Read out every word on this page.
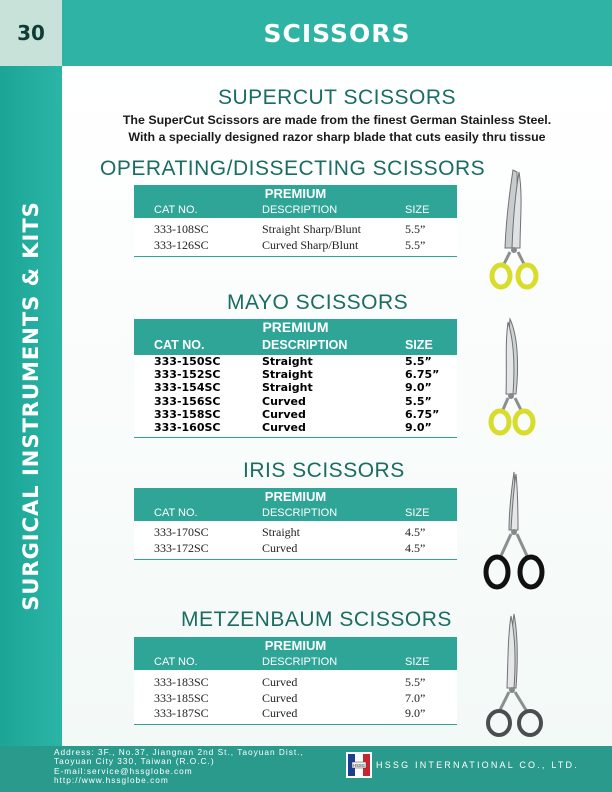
30	SCISSORS
SURGICAL INSTRUMENTS & KITS
SUPERCUT SCISSORS
The SuperCut Scissors are made from the finest German Stainless Steel.
With a specially designed razor sharp blade that cuts easily thru tissue
OPERATING/DISSECTING SCISSORS
PREMIUM
CAT NO.	DESCRIPTION	SIZE
333-108SC	Straight Sharp/Blunt	5.5”
333-126SC	Curved Sharp/Blunt	5.5”
MAYO SCISSORS
PREMIUM
CAT NO.	DESCRIPTION	SIZE
333-150SC	Straight	5.5”
333-152SC	Straight	6.75”
333-154SC	Straight	9.0”
333-156SC	Curved	5.5”
333-158SC	Curved	6.75”
333-160SC	Curved	9.0”
IRIS SCISSORS
PREMIUM
CAT NO.	DESCRIPTION	SIZE
333-170SC	Straight	4.5”
333-172SC	Curved	4.5”
METZENBAUM SCISSORS
PREMIUM
CAT NO.	DESCRIPTION	SIZE
333-183SC	Curved	5.5”
333-185SC	Curved	7.0”
333-187SC	Curved	9.0”
Address: 3F., No.37, Jiangnan 2nd St., Taoyuan Dist.,
Taoyuan City 330, Taiwan (R.O.C.)
E-mail:service@hssglobe.com
http://www.hssglobe.com
HSSG HSSG INTERNATIONAL CO., LTD.
